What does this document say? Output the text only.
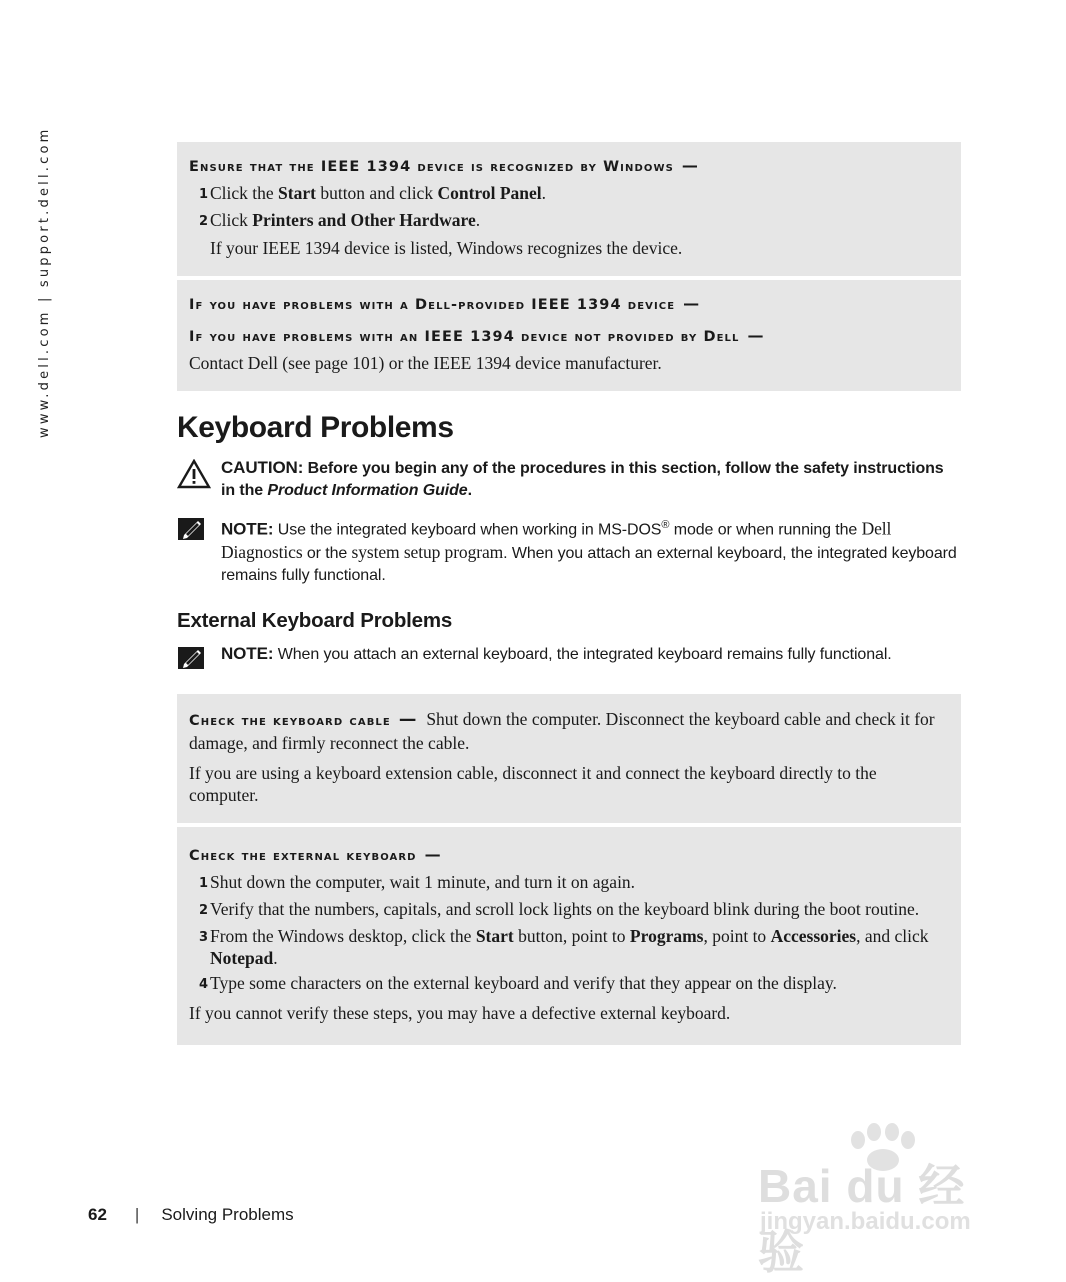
www.dell.com | support.dell.com	Ensure that the IEEE 1394 device is recognized by Windows —
1 Click the Start button and click Control Panel.
2 Click Printers and Other Hardware.
If your IEEE 1394 device is listed, Windows recognizes the device.
If you have problems with a Dell-provided IEEE 1394 device —
If you have problems with an IEEE 1394 device not provided by Dell —
Contact Dell (see page 101) or the IEEE 1394 device manufacturer.
Keyboard Problems
CAUTION: Before you begin any of the procedures in this section, follow the safety instructions in the Product Information Guide.
NOTE: Use the integrated keyboard when working in MS-DOS® mode or when running the Dell Diagnostics or the system setup program. When you attach an external keyboard, the integrated keyboard remains fully functional.
External Keyboard Problems
NOTE: When you attach an external keyboard, the integrated keyboard remains fully functional.
Check the keyboard cable — Shut down the computer. Disconnect the keyboard cable and check it for damage, and firmly reconnect the cable.
If you are using a keyboard extension cable, disconnect it and connect the keyboard directly to the computer.
Check the external keyboard —
1 Shut down the computer, wait 1 minute, and turn it on again.
2 Verify that the numbers, capitals, and scroll lock lights on the keyboard blink during the boot routine.
3 From the Windows desktop, click the Start button, point to Programs, point to Accessories, and click Notepad.
4 Type some characters on the external keyboard and verify that they appear on the display.
If you cannot verify these steps, you may have a defective external keyboard.
Bai du 经验
jingyan.baidu.com
62 | Solving Problems
